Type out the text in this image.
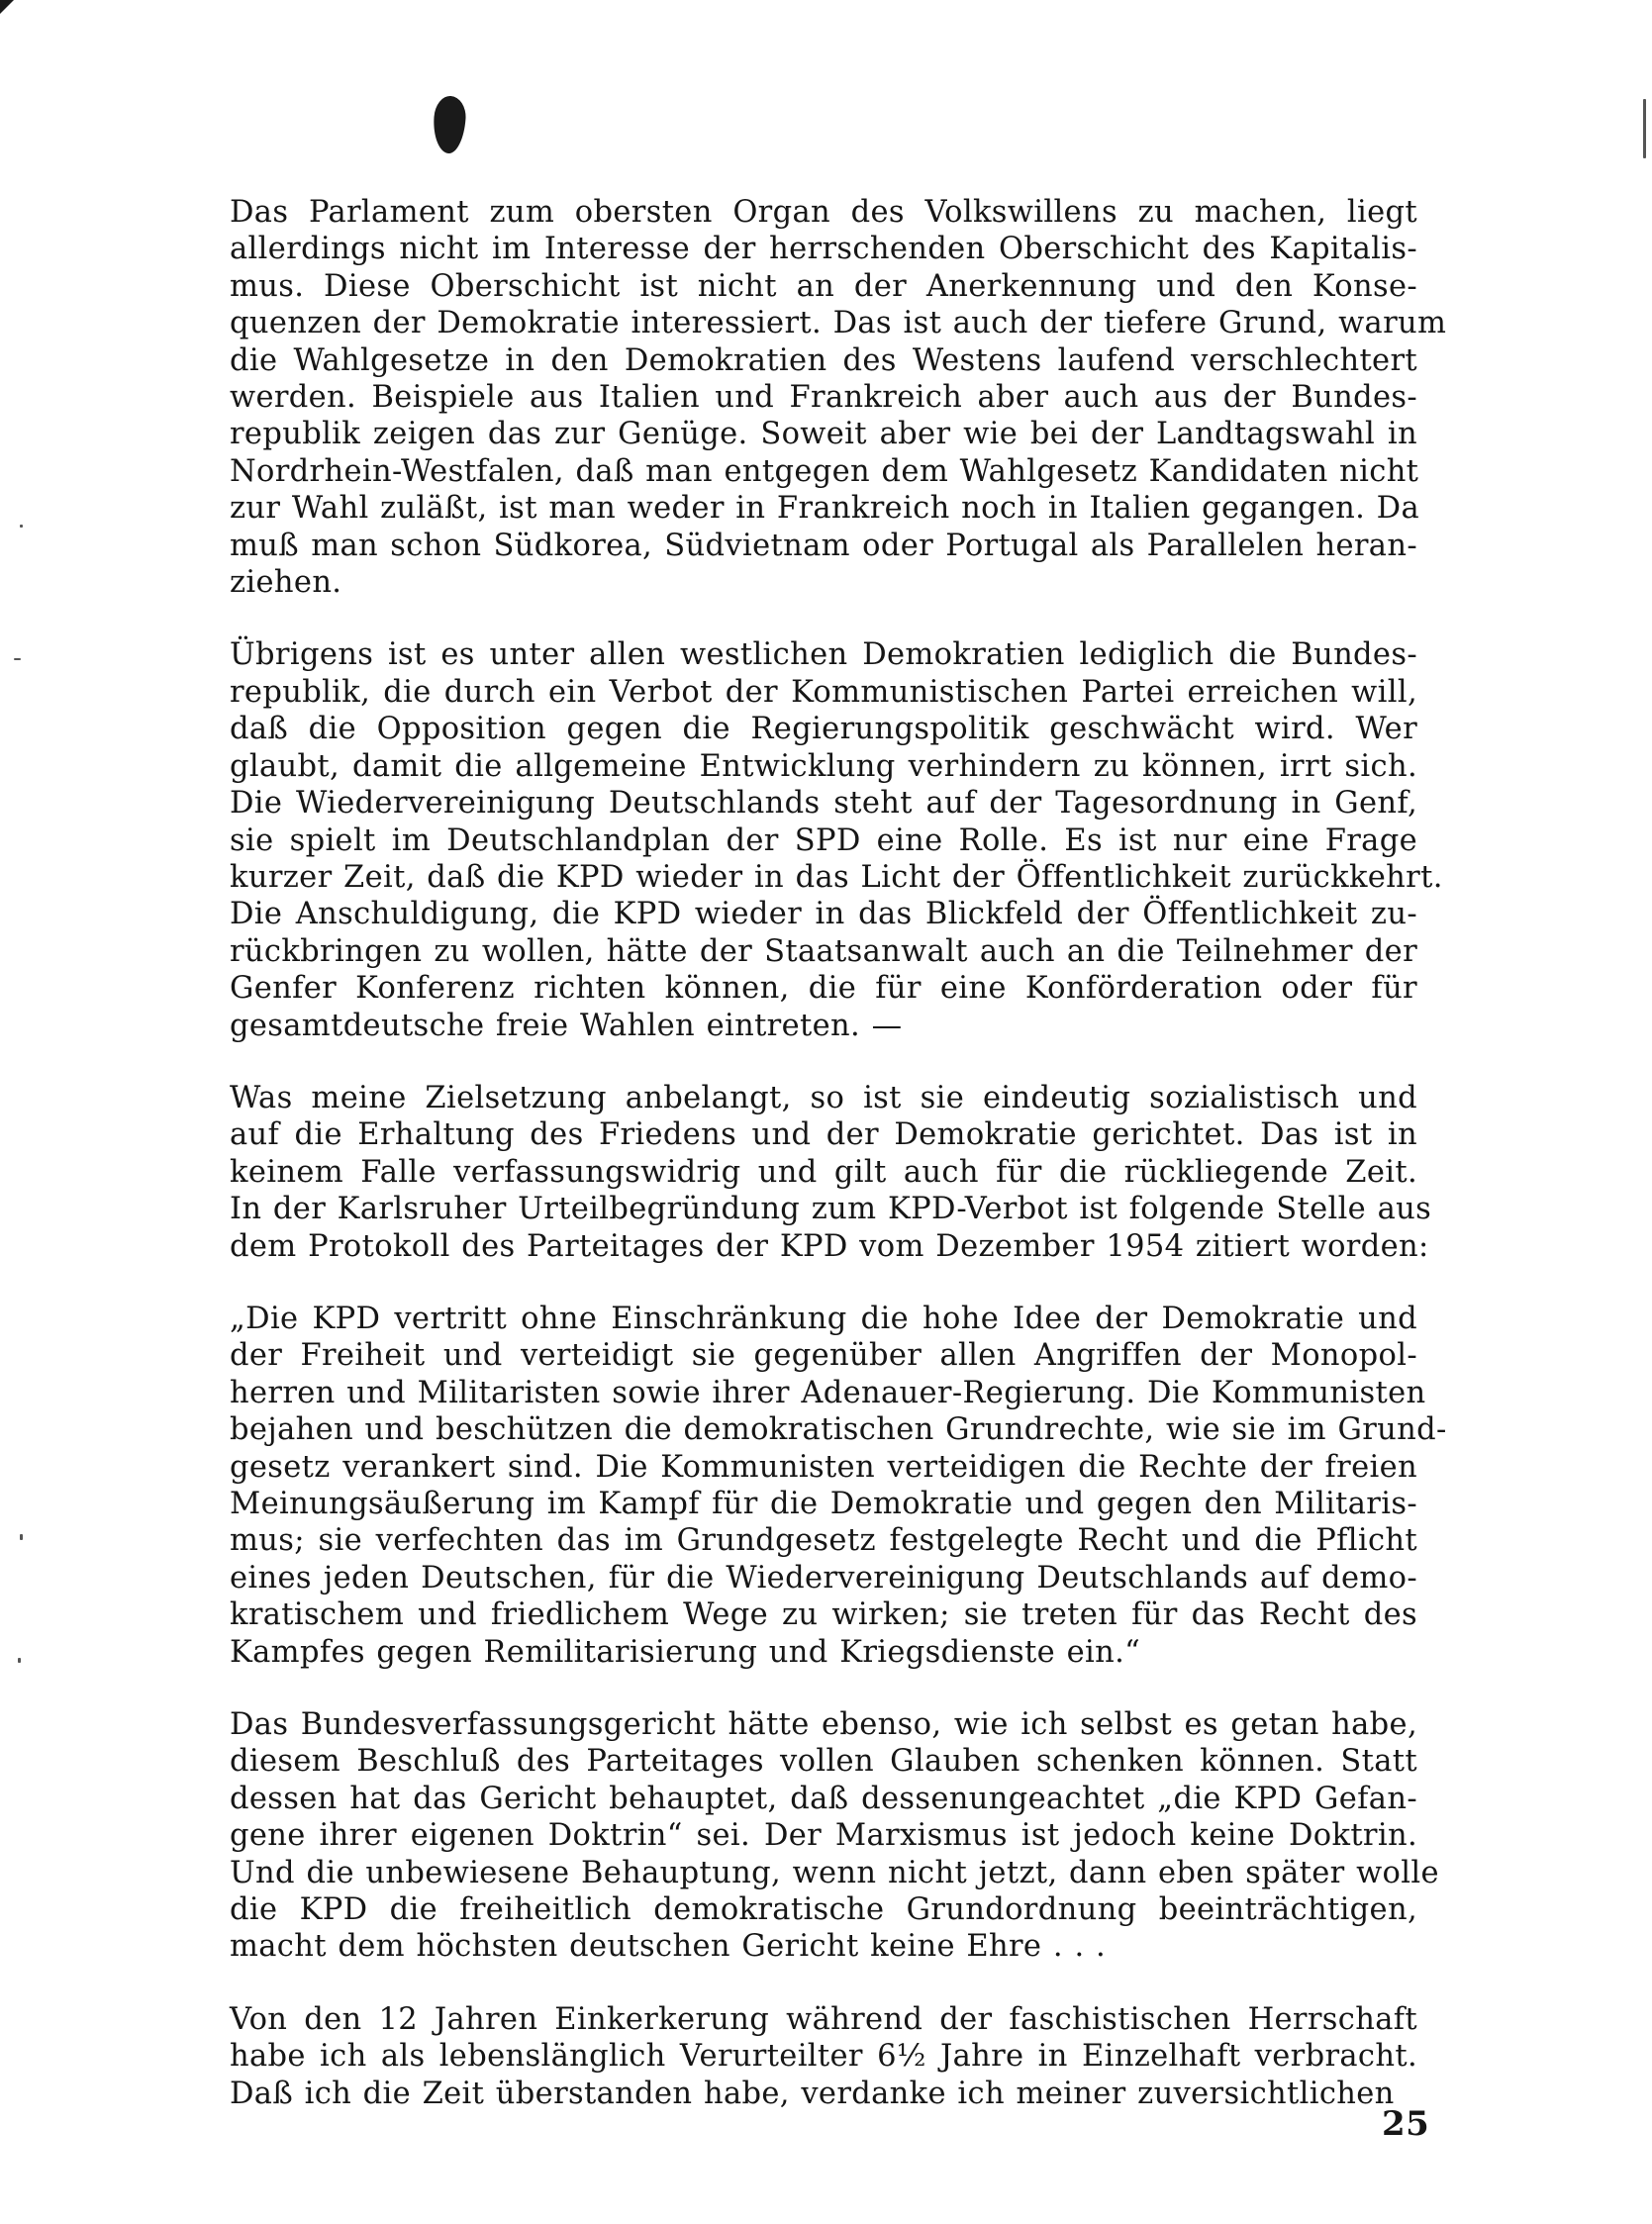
Das Parlament zum obersten Organ des Volkswillens zu machen, liegt
allerdings nicht im Interesse der herrschenden Oberschicht des Kapitalis-
mus. Diese Oberschicht ist nicht an der Anerkennung und den Konse-
quenzen der Demokratie interessiert. Das ist auch der tiefere Grund, warum
die Wahlgesetze in den Demokratien des Westens laufend verschlechtert
werden. Beispiele aus Italien und Frankreich aber auch aus der Bundes-
republik zeigen das zur Genüge. Soweit aber wie bei der Landtagswahl in
Nordrhein-Westfalen, daß man entgegen dem Wahlgesetz Kandidaten nicht
zur Wahl zuläßt, ist man weder in Frankreich noch in Italien gegangen. Da
muß man schon Südkorea, Südvietnam oder Portugal als Parallelen heran-
ziehen.
Übrigens ist es unter allen westlichen Demokratien lediglich die Bundes-
republik, die durch ein Verbot der Kommunistischen Partei erreichen will,
daß die Opposition gegen die Regierungspolitik geschwächt wird. Wer
glaubt, damit die allgemeine Entwicklung verhindern zu können, irrt sich.
Die Wiedervereinigung Deutschlands steht auf der Tagesordnung in Genf,
sie spielt im Deutschlandplan der SPD eine Rolle. Es ist nur eine Frage
kurzer Zeit, daß die KPD wieder in das Licht der Öffentlichkeit zurückkehrt.
Die Anschuldigung, die KPD wieder in das Blickfeld der Öffentlichkeit zu-
rückbringen zu wollen, hätte der Staatsanwalt auch an die Teilnehmer der
Genfer Konferenz richten können, die für eine Konförderation oder für
gesamtdeutsche freie Wahlen eintreten. —
Was meine Zielsetzung anbelangt, so ist sie eindeutig sozialistisch und
auf die Erhaltung des Friedens und der Demokratie gerichtet. Das ist in
keinem Falle verfassungswidrig und gilt auch für die rückliegende Zeit.
In der Karlsruher Urteilbegründung zum KPD-Verbot ist folgende Stelle aus
dem Protokoll des Parteitages der KPD vom Dezember 1954 zitiert worden:
„Die KPD vertritt ohne Einschränkung die hohe Idee der Demokratie und
der Freiheit und verteidigt sie gegenüber allen Angriffen der Monopol-
herren und Militaristen sowie ihrer Adenauer-Regierung. Die Kommunisten
bejahen und beschützen die demokratischen Grundrechte, wie sie im Grund-
gesetz verankert sind. Die Kommunisten verteidigen die Rechte der freien
Meinungsäußerung im Kampf für die Demokratie und gegen den Militaris-
mus; sie verfechten das im Grundgesetz festgelegte Recht und die Pflicht
eines jeden Deutschen, für die Wiedervereinigung Deutschlands auf demo-
kratischem und friedlichem Wege zu wirken; sie treten für das Recht des
Kampfes gegen Remilitarisierung und Kriegsdienste ein.“
Das Bundesverfassungsgericht hätte ebenso, wie ich selbst es getan habe,
diesem Beschluß des Parteitages vollen Glauben schenken können. Statt
dessen hat das Gericht behauptet, daß dessenungeachtet „die KPD Gefan-
gene ihrer eigenen Doktrin“ sei. Der Marxismus ist jedoch keine Doktrin.
Und die unbewiesene Behauptung, wenn nicht jetzt, dann eben später wolle
die KPD die freiheitlich demokratische Grundordnung beeinträchtigen,
macht dem höchsten deutschen Gericht keine Ehre . . .
Von den 12 Jahren Einkerkerung während der faschistischen Herrschaft
habe ich als lebenslänglich Verurteilter 6½ Jahre in Einzelhaft verbracht.
Daß ich die Zeit überstanden habe, verdanke ich meiner zuversichtlichen
25
